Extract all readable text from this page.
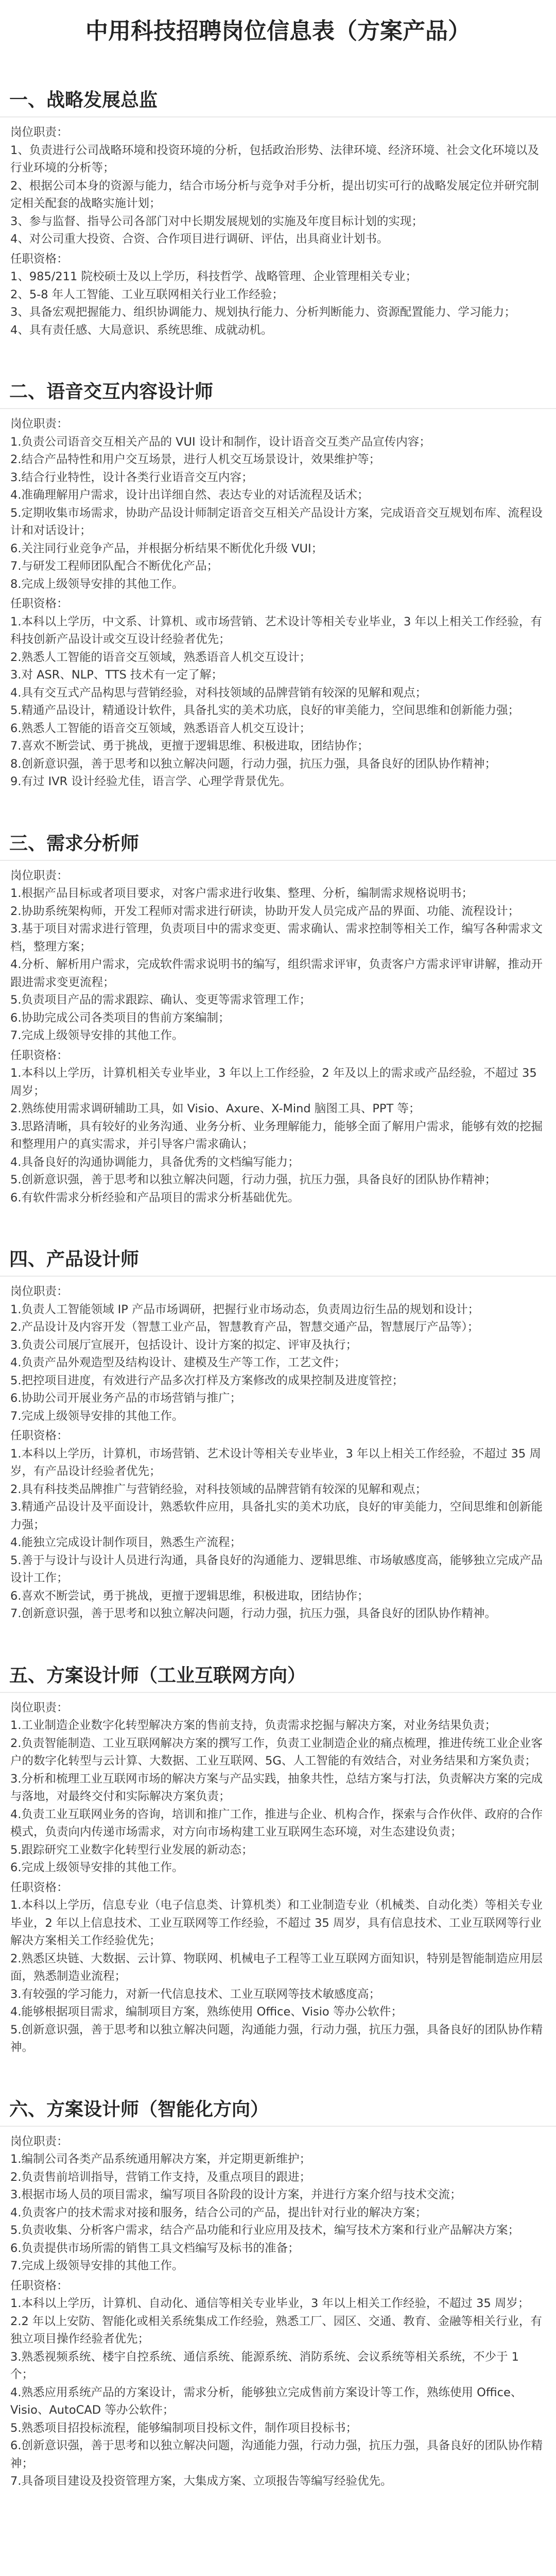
中用科技招聘岗位信息表（方案产品）
一、战略发展总监

岗位职责：

1、负责进行公司战略环境和投资环境的分析，包括政治形势、法律环境、经济环境、社会文化环境以及行业环境的分析等；

2、根据公司本身的资源与能力，结合市场分析与竞争对手分析，提出切实可行的战略发展定位并研究制定相关配套的战略实施计划；

3、参与监督、指导公司各部门对中长期发展规划的实施及年度目标计划的实现；

4、对公司重大投资、合资、合作项目进行调研、评估，出具商业计划书。

任职资格：

1、985/211 院校硕士及以上学历，科技哲学、战略管理、企业管理相关专业；

2、5-8 年人工智能、工业互联网相关行业工作经验；

3、具备宏观把握能力、组织协调能力、规划执行能力、分析判断能力、资源配置能力、学习能力；

4、具有责任感、大局意识、系统思维、成就动机。

二、语音交互内容设计师

岗位职责：

1.负责公司语音交互相关产品的 VUI 设计和制作，设计语音交互类产品宣传内容；

2.结合产品特性和用户交互场景，进行人机交互场景设计，效果维护等；

3.结合行业特性，设计各类行业语音交互内容；

4.准确理解用户需求，设计出详细自然、表达专业的对话流程及话术；

5.定期收集市场需求，协助产品设计师制定语音交互相关产品设计方案，完成语音交互规划布库、流程设计和对话设计；

6.关注同行业竞争产品，并根据分析结果不断优化升级 VUI；

7.与研发工程师团队配合不断优化产品；

8.完成上级领导安排的其他工作。

任职资格：

1.本科以上学历，中文系、计算机、或市场营销、艺术设计等相关专业毕业，3 年以上相关工作经验，有科技创新产品设计或交互设计经验者优先；

2.熟悉人工智能的语音交互领域，熟悉语音人机交互设计；

3.对 ASR、NLP、TTS 技术有一定了解；

4.具有交互式产品构思与营销经验，对科技领域的品牌营销有较深的见解和观点；

5.精通产品设计，精通设计软件，具备扎实的美术功底，良好的审美能力，空间思维和创新能力强；

6.熟悉人工智能的语音交互领域，熟悉语音人机交互设计；

7.喜欢不断尝试、勇于挑战，更擅于逻辑思维、积极进取，团结协作；

8.创新意识强，善于思考和以独立解决问题，行动力强，抗压力强，具备良好的团队协作精神；

9.有过 IVR 设计经验尤佳，语言学、心理学背景优先。

三、需求分析师

岗位职责：

1.根据产品目标或者项目要求，对客户需求进行收集、整理、分析，编制需求规格说明书；

2.协助系统架构师，开发工程师对需求进行研读，协助开发人员完成产品的界面、功能、流程设计；

3.基于项目对需求进行管理，负责项目中的需求变更、需求确认、需求控制等相关工作，编写各种需求文档，整理方案；

4.分析、解析用户需求，完成软件需求说明书的编写，组织需求评审，负责客户方需求评审讲解，推动开跟进需求变更流程；

5.负责项目产品的需求跟踪、确认、变更等需求管理工作；

6.协助完成公司各类项目的售前方案编制；

7.完成上级领导安排的其他工作。

任职资格：

1.本科以上学历，计算机相关专业毕业，3 年以上工作经验，2 年及以上的需求或产品经验，不超过 35 周岁；

2.熟练使用需求调研辅助工具，如 Visio、Axure、X-Mind 脑图工具、PPT 等；

3.思路清晰，具有较好的业务沟通、业务分析、业务理解能力，能够全面了解用户需求，能够有效的挖掘和整理用户的真实需求，并引导客户需求确认；

4.具备良好的沟通协调能力，具备优秀的文档编写能力；

5.创新意识强，善于思考和以独立解决问题，行动力强，抗压力强，具备良好的团队协作精神；

6.有软件需求分析经验和产品项目的需求分析基础优先。

四、产品设计师

岗位职责：

1.负责人工智能领域 IP 产品市场调研，把握行业市场动态，负责周边衍生品的规划和设计；

2.产品设计及内容开发（智慧工业产品，智慧教育产品，智慧交通产品，智慧展厅产品等）；

3.负责公司展厅宣展开，包括设计、设计方案的拟定、评审及执行；

4.负责产品外观造型及结构设计、建模及生产等工作，工艺文件；

5.把控项目进度，有效进行产品多次打样及方案修改的成果控制及进度管控；

6.协助公司开展业务产品的市场营销与推广；

7.完成上级领导安排的其他工作。

任职资格：

1.本科以上学历，计算机，市场营销、艺术设计等相关专业毕业，3 年以上相关工作经验，不超过 35 周岁，有产品设计经验者优先；

2.具有科技类品牌推广与营销经验，对科技领域的品牌营销有较深的见解和观点；

3.精通产品设计及平面设计，熟悉软件应用，具备扎实的美术功底，良好的审美能力，空间思维和创新能力强；

4.能独立完成设计制作项目，熟悉生产流程；

5.善于与设计与设计人员进行沟通，具备良好的沟通能力、逻辑思维、市场敏感度高，能够独立完成产品设计工作；

6.喜欢不断尝试，勇于挑战，更擅于逻辑思维，积极进取，团结协作；

7.创新意识强，善于思考和以独立解决问题，行动力强，抗压力强，具备良好的团队协作精神。

五、方案设计师（工业互联网方向）

岗位职责：

1.工业制造企业数字化转型解决方案的售前支持，负责需求挖掘与解决方案，对业务结果负责；

2.负责智能制造、工业互联网解决方案的撰写工作，负责工业制造企业的痛点梳理，推进传统工业企业客户的数字化转型与云计算、大数据、工业互联网、5G、人工智能的有效结合，对业务结果和方案负责；

3.分析和梳理工业互联网市场的解决方案与产品实践，抽象共性，总结方案与打法，负责解决方案的完成与落地，对最终交付和实际解决方案负责；

4.负责工业互联网业务的咨询，培训和推广工作，推进与企业、机构合作，探索与合作伙伴、政府的合作模式，负责向内传递市场需求，对方向市场构建工业互联网生态环境，对生态建设负责；

5.跟踪研究工业数字化转型行业发展的新动态；

6.完成上级领导安排的其他工作。

任职资格：

1.本科以上学历，信息专业（电子信息类、计算机类）和工业制造专业（机械类、自动化类）等相关专业毕业，2 年以上信息技术、工业互联网等工作经验，不超过 35 周岁，具有信息技术、工业互联网等行业解决方案相关工作经验优先；

2.熟悉区块链、大数据、云计算、物联网、机械电子工程等工业互联网方面知识，特别是智能制造应用层面，熟悉制造业流程；

3.有较强的学习能力，对新一代信息技术、工业互联网等技术敏感度高；

4.能够根据项目需求，编制项目方案，熟练使用 Office、Visio 等办公软件；

5.创新意识强，善于思考和以独立解决问题，沟通能力强，行动力强，抗压力强，具备良好的团队协作精神。

六、方案设计师（智能化方向）

岗位职责：

1.编制公司各类产品系统通用解决方案，并定期更新维护；

2.负责售前培训指导，营销工作支持，及重点项目的跟进；

3.根据市场人员的项目需求，编写项目各阶段的设计方案，并进行方案介绍与技术交流；

4.负责客户的技术需求对接和服务，结合公司的产品，提出针对行业的解决方案；

5.负责收集、分析客户需求，结合产品功能和行业应用及技术，编写技术方案和行业产品解决方案；

6.负责提供市场所需的销售工具文档编写及标书的准备；

7.完成上级领导安排的其他工作。

任职资格：

1.本科以上学历，计算机、自动化、通信等相关专业毕业，3 年以上相关工作经验，不超过 35 周岁；

2.2 年以上安防、智能化或相关系统集成工作经验，熟悉工厂、园区、交通、教育、金融等相关行业，有独立项目操作经验者优先；

3.熟悉视频系统、楼宇自控系统、通信系统、能源系统、消防系统、会议系统等相关系统，不少于 1 个；

4.熟悉应用系统产品的方案设计，需求分析，能够独立完成售前方案设计等工作，熟练使用 Office、Visio、AutoCAD 等办公软件；

5.熟悉项目招投标流程，能够编制项目投标文件，制作项目投标书；

6.创新意识强，善于思考和以独立解决问题，沟通能力强，行动力强，抗压力强，具备良好的团队协作精神；

7.具备项目建设及投资管理方案，大集成方案、立项报告等编写经验优先。
